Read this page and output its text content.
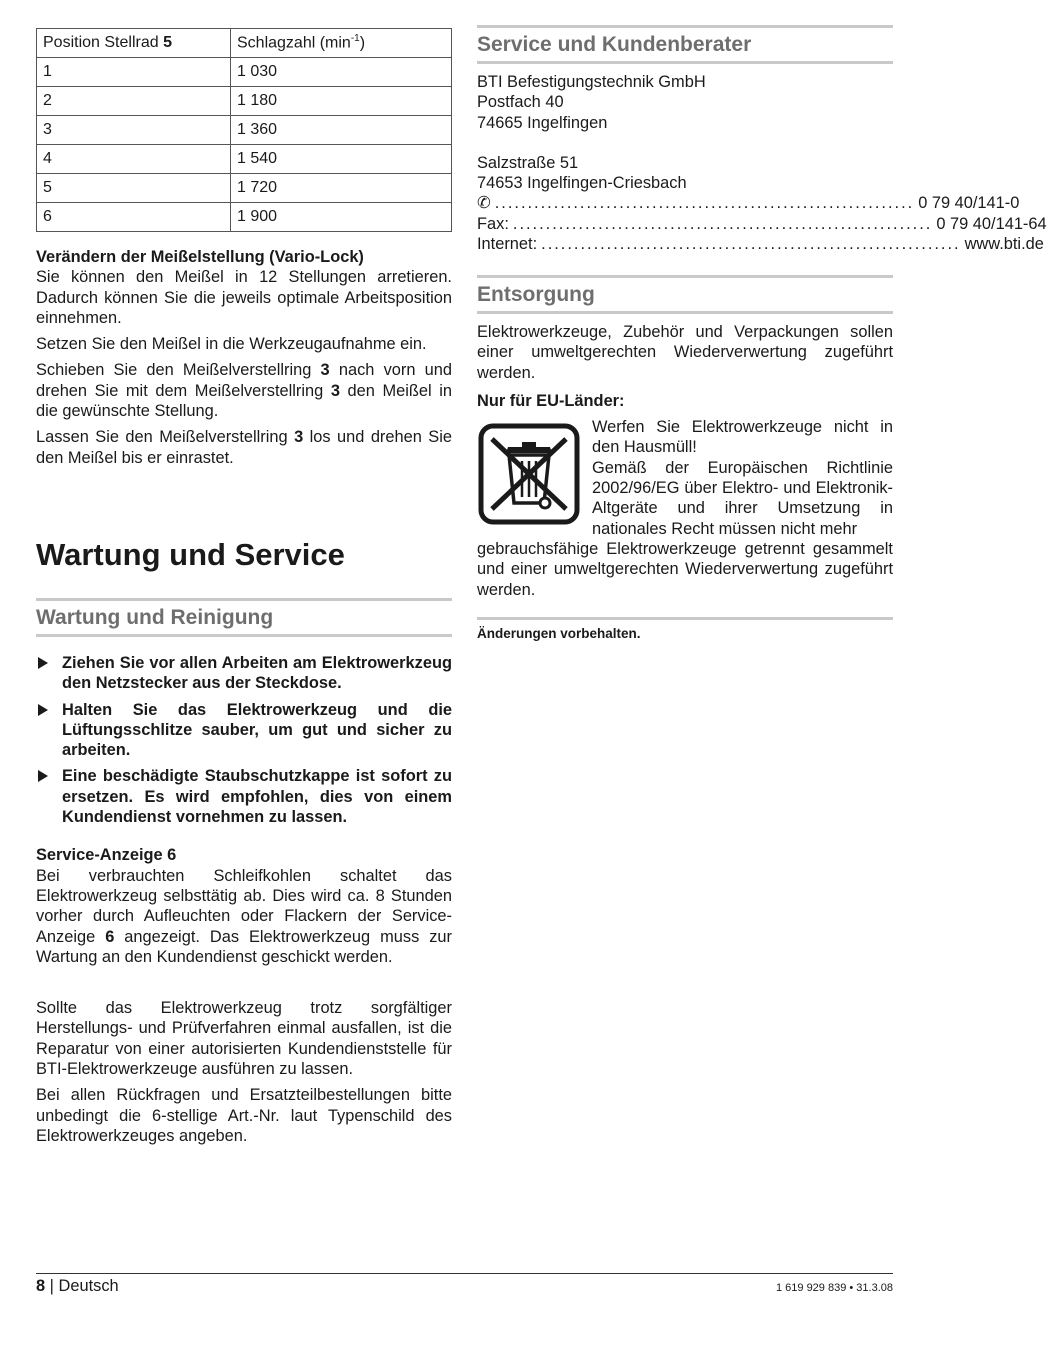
Position Stellrad 5	Schlagzahl $(\min^{-1})$
1	1 030
2	1 180
3	1 360
4	1 540
5	1 720
6	1 900
Verändern der Meißelstellung (Vario-Lock)

Sie können den Meißel in 12 Stellungen arretieren. Dadurch können Sie die jeweils optimale Arbeitsposition einnehmen.

Setzen Sie den Meißel in die Werkzeugaufnahme ein.

Schieben Sie den Meißelverstellring 3 nach vorn und drehen Sie mit dem Meißelverstellring 3 den Meißel in die gewünschte Stellung.

Lassen Sie den Meißelverstellring 3 los und drehen Sie den Meißel bis er einrastet.

Wartung und Service
Wartung und Reinigung
Ziehen Sie vor allen Arbeiten am Elektrowerkzeug den Netzstecker aus der Steckdose.
Halten Sie das Elektrowerkzeug und die Lüftungsschlitze sauber, um gut und sicher zu arbeiten.
Eine beschädigte Staubschutzkappe ist sofort zu ersetzen. Es wird empfohlen, dies von einem Kundendienst vornehmen zu lassen.
Service-Anzeige 6

Bei verbrauchten Schleifkohlen schaltet das Elektrowerkzeug selbsttätig ab. Dies wird ca. 8 Stunden vorher durch Aufleuchten oder Flackern der Service-Anzeige 6 angezeigt. Das Elektrowerkzeug muss zur Wartung an den Kundendienst geschickt werden.

Sollte das Elektrowerkzeug trotz sorgfältiger Herstellungs- und Prüfverfahren einmal ausfallen, ist die Reparatur von einer autorisierten Kundendienststelle für BTI-Elektrowerkzeuge ausführen zu lassen.

Bei allen Rückfragen und Ersatzteilbestellungen bitte unbedingt die 6-stellige Art.-Nr. laut Typenschild des Elektrowerkzeuges angeben.

Service und Kundenberater

BTI Befestigungstechnik GmbH

Postfach 40

74665 Ingelfingen

Salzstraße 51

74653 Ingelfingen-Criesbach

✆ ................................................................ 0 79 40/141-0
Fax: ................................................................ 0 79 40/141-64
Internet: ................................................................ www.bti.de
Entsorgung

Elektrowerkzeuge, Zubehör und Verpackungen sollen einer umweltgerechten Wiederverwertung zugeführt werden.

Nur für EU-Länder:

Werfen Sie Elektrowerkzeuge nicht in den Hausmüll!

Gemäß der Europäischen Richtlinie 2002/96/EG über Elektro- und Elektronik-Altgeräte und ihrer Umsetzung in nationales Recht müssen nicht mehr

gebrauchsfähige Elektrowerkzeuge getrennt gesammelt und einer umweltgerechten Wiederverwertung zugeführt werden.

Änderungen vorbehalten.
8 | Deutsch	1 619 929 839 • 31.3.08
